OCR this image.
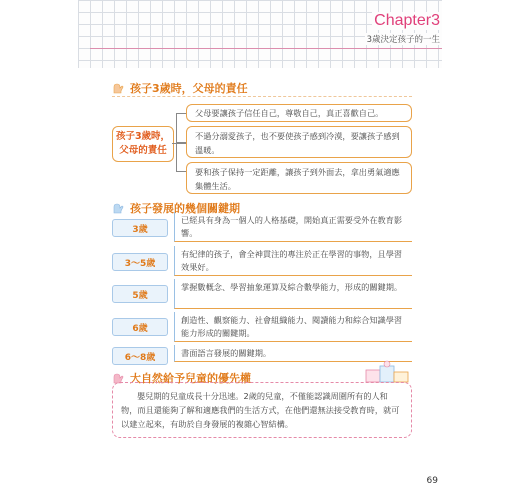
Chapter3
3歲決定孩子的一生
孩子3歲時，父母的責任
孩子3歲時，
父母的責任
父母要讓孩子信任自己，尊敬自己，真正喜歡自己。
不過分溺愛孩子，也不要使孩子感到冷漠，要讓孩子感到溫暖。
要和孩子保持一定距離，讓孩子到外面去，拿出勇氣適應集體生活。
孩子發展的幾個關鍵期
3歲
已經具有身為一個人的人格基礎，開始真正需要受外在教育影響。
3～5歲
有紀律的孩子，會全神貫注的專注於正在學習的事物，且學習效果好。
5歲
掌握數概念、學習抽象運算及綜合數學能力，形成的關鍵期。
6歲
創造性、觀察能力、社會組織能力、閱讀能力和綜合知識學習能力形成的關鍵期。
6～8歲	書面語言發展的關鍵期。
大自然給予兒童的優先權
嬰兒期的兒童成長十分迅速。2歲的兒童，不僅能認識周圍所有的人和物，而且還能夠了解和適應我們的生活方式，在他們還無法接受教育時，就可以建立起來，有助於自身發展的複雜心智結構。
69
